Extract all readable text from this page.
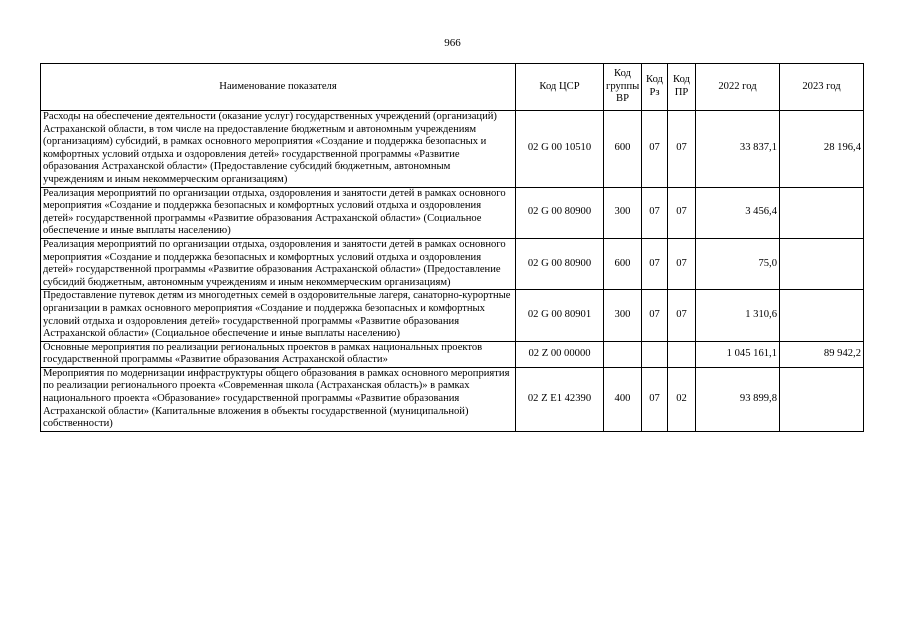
966
Наименование показателя	Код ЦСР	Код группы ВР	Код Рз	Код ПР	2022 год	2023 год
Расходы на обеспечение деятельности (оказание услуг) государственных учреждений (организаций) Астраханской области, в том числе на предоставление бюджетным и автономным учреждениям (организациям) субсидий, в рамках основного мероприятия «Создание и поддержка безопасных и комфортных условий отдыха и оздоровления детей» государственной программы «Развитие образования Астраханской области» (Предоставление субсидий бюджетным, автономным учреждениям и иным некоммерческим организациям)	02 G 00 10510	600	07	07	33 837,1	28 196,4
Реализация мероприятий по организации отдыха, оздоровления и занятости детей в рамках основного мероприятия «Создание и поддержка безопасных и комфортных условий отдыха и оздоровления детей» государственной программы «Развитие образования Астраханской области» (Социальное обеспечение и иные выплаты населению)	02 G 00 80900	300	07	07	3 456,4	
Реализация мероприятий по организации отдыха, оздоровления и занятости детей в рамках основного мероприятия «Создание и поддержка безопасных и комфортных условий отдыха и оздоровления детей» государственной программы «Развитие образования Астраханской области» (Предоставление субсидий бюджетным, автономным учреждениям и иным некоммерческим организациям)	02 G 00 80900	600	07	07	75,0	
Предоставление путевок детям из многодетных семей в оздоровительные лагеря, санаторно-курортные организации в рамках основного мероприятия «Создание и поддержка безопасных и комфортных условий отдыха и оздоровления детей» государственной программы «Развитие образования Астраханской области» (Социальное обеспечение и иные выплаты населению)	02 G 00 80901	300	07	07	1 310,6	
Основные мероприятия по реализации региональных проектов в рамках национальных проектов государственной программы «Развитие образования Астраханской области»	02 Z 00 00000				1 045 161,1	89 942,2
Мероприятия по модернизации инфраструктуры общего образования в рамках основного мероприятия по реализации регионального проекта «Современная школа (Астраханская область)» в рамках национального проекта «Образование» государственной программы «Развитие образования Астраханской области» (Капитальные вложения в объекты государственной (муниципальной) собственности)	02 Z E1 42390	400	07	02	93 899,8	
